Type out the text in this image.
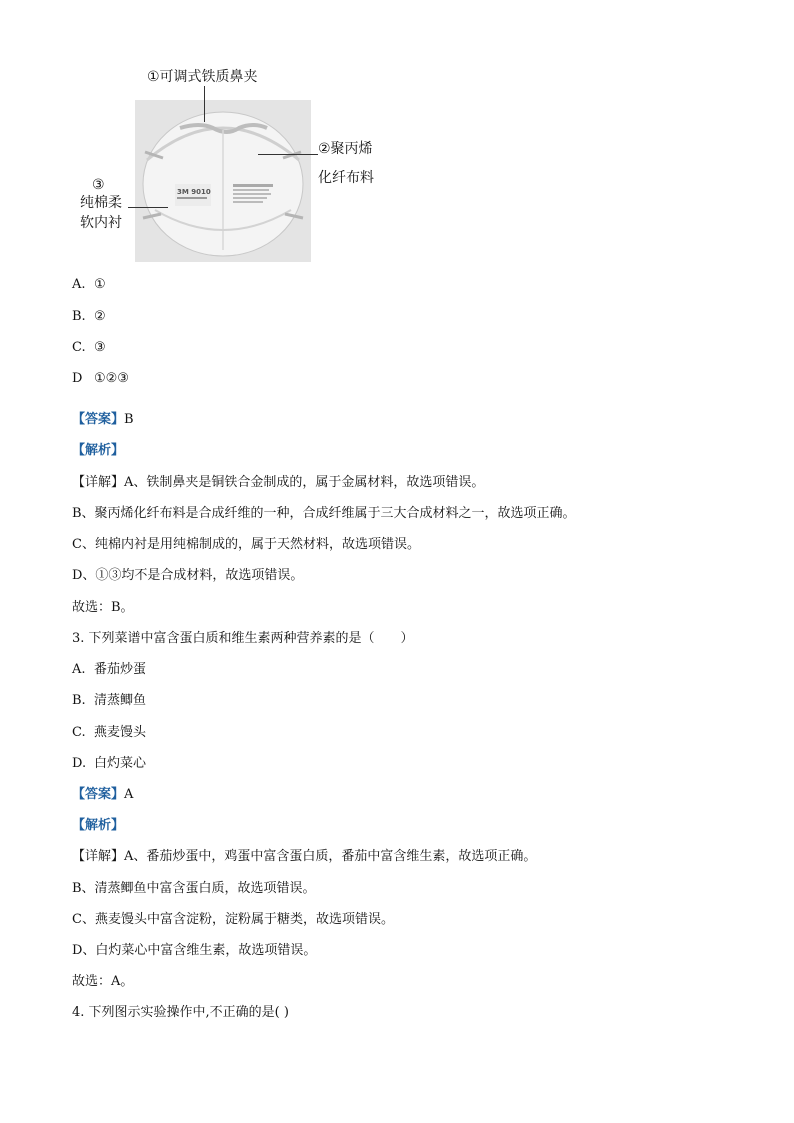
3M 9010
①可调式铁质鼻夹
②聚丙烯
化纤布料
③
纯棉柔
软内衬
A. ①
B. ②
C. ③
D ①②③
【答案】B
【解析】
【详解】A、铁制鼻夹是铜铁合金制成的，属于金属材料，故选项错误。
B、聚丙烯化纤布料是合成纤维的一种，合成纤维属于三大合成材料之一，故选项正确。
C、纯棉内衬是用纯棉制成的，属于天然材料，故选项错误。
D、①③均不是合成材料，故选项错误。
故选：B。
3. 下列菜谱中富含蛋白质和维生素两种营养素的是（　　）
A. 番茄炒蛋
B. 清蒸鲫鱼
C. 燕麦馒头
D. 白灼菜心
【答案】A
【解析】
【详解】A、番茄炒蛋中，鸡蛋中富含蛋白质，番茄中富含维生素，故选项正确。
B、清蒸鲫鱼中富含蛋白质，故选项错误。
C、燕麦馒头中富含淀粉，淀粉属于糖类，故选项错误。
D、白灼菜心中富含维生素，故选项错误。
故选：A。
4. 下列图示实验操作中,不正确的是( )
